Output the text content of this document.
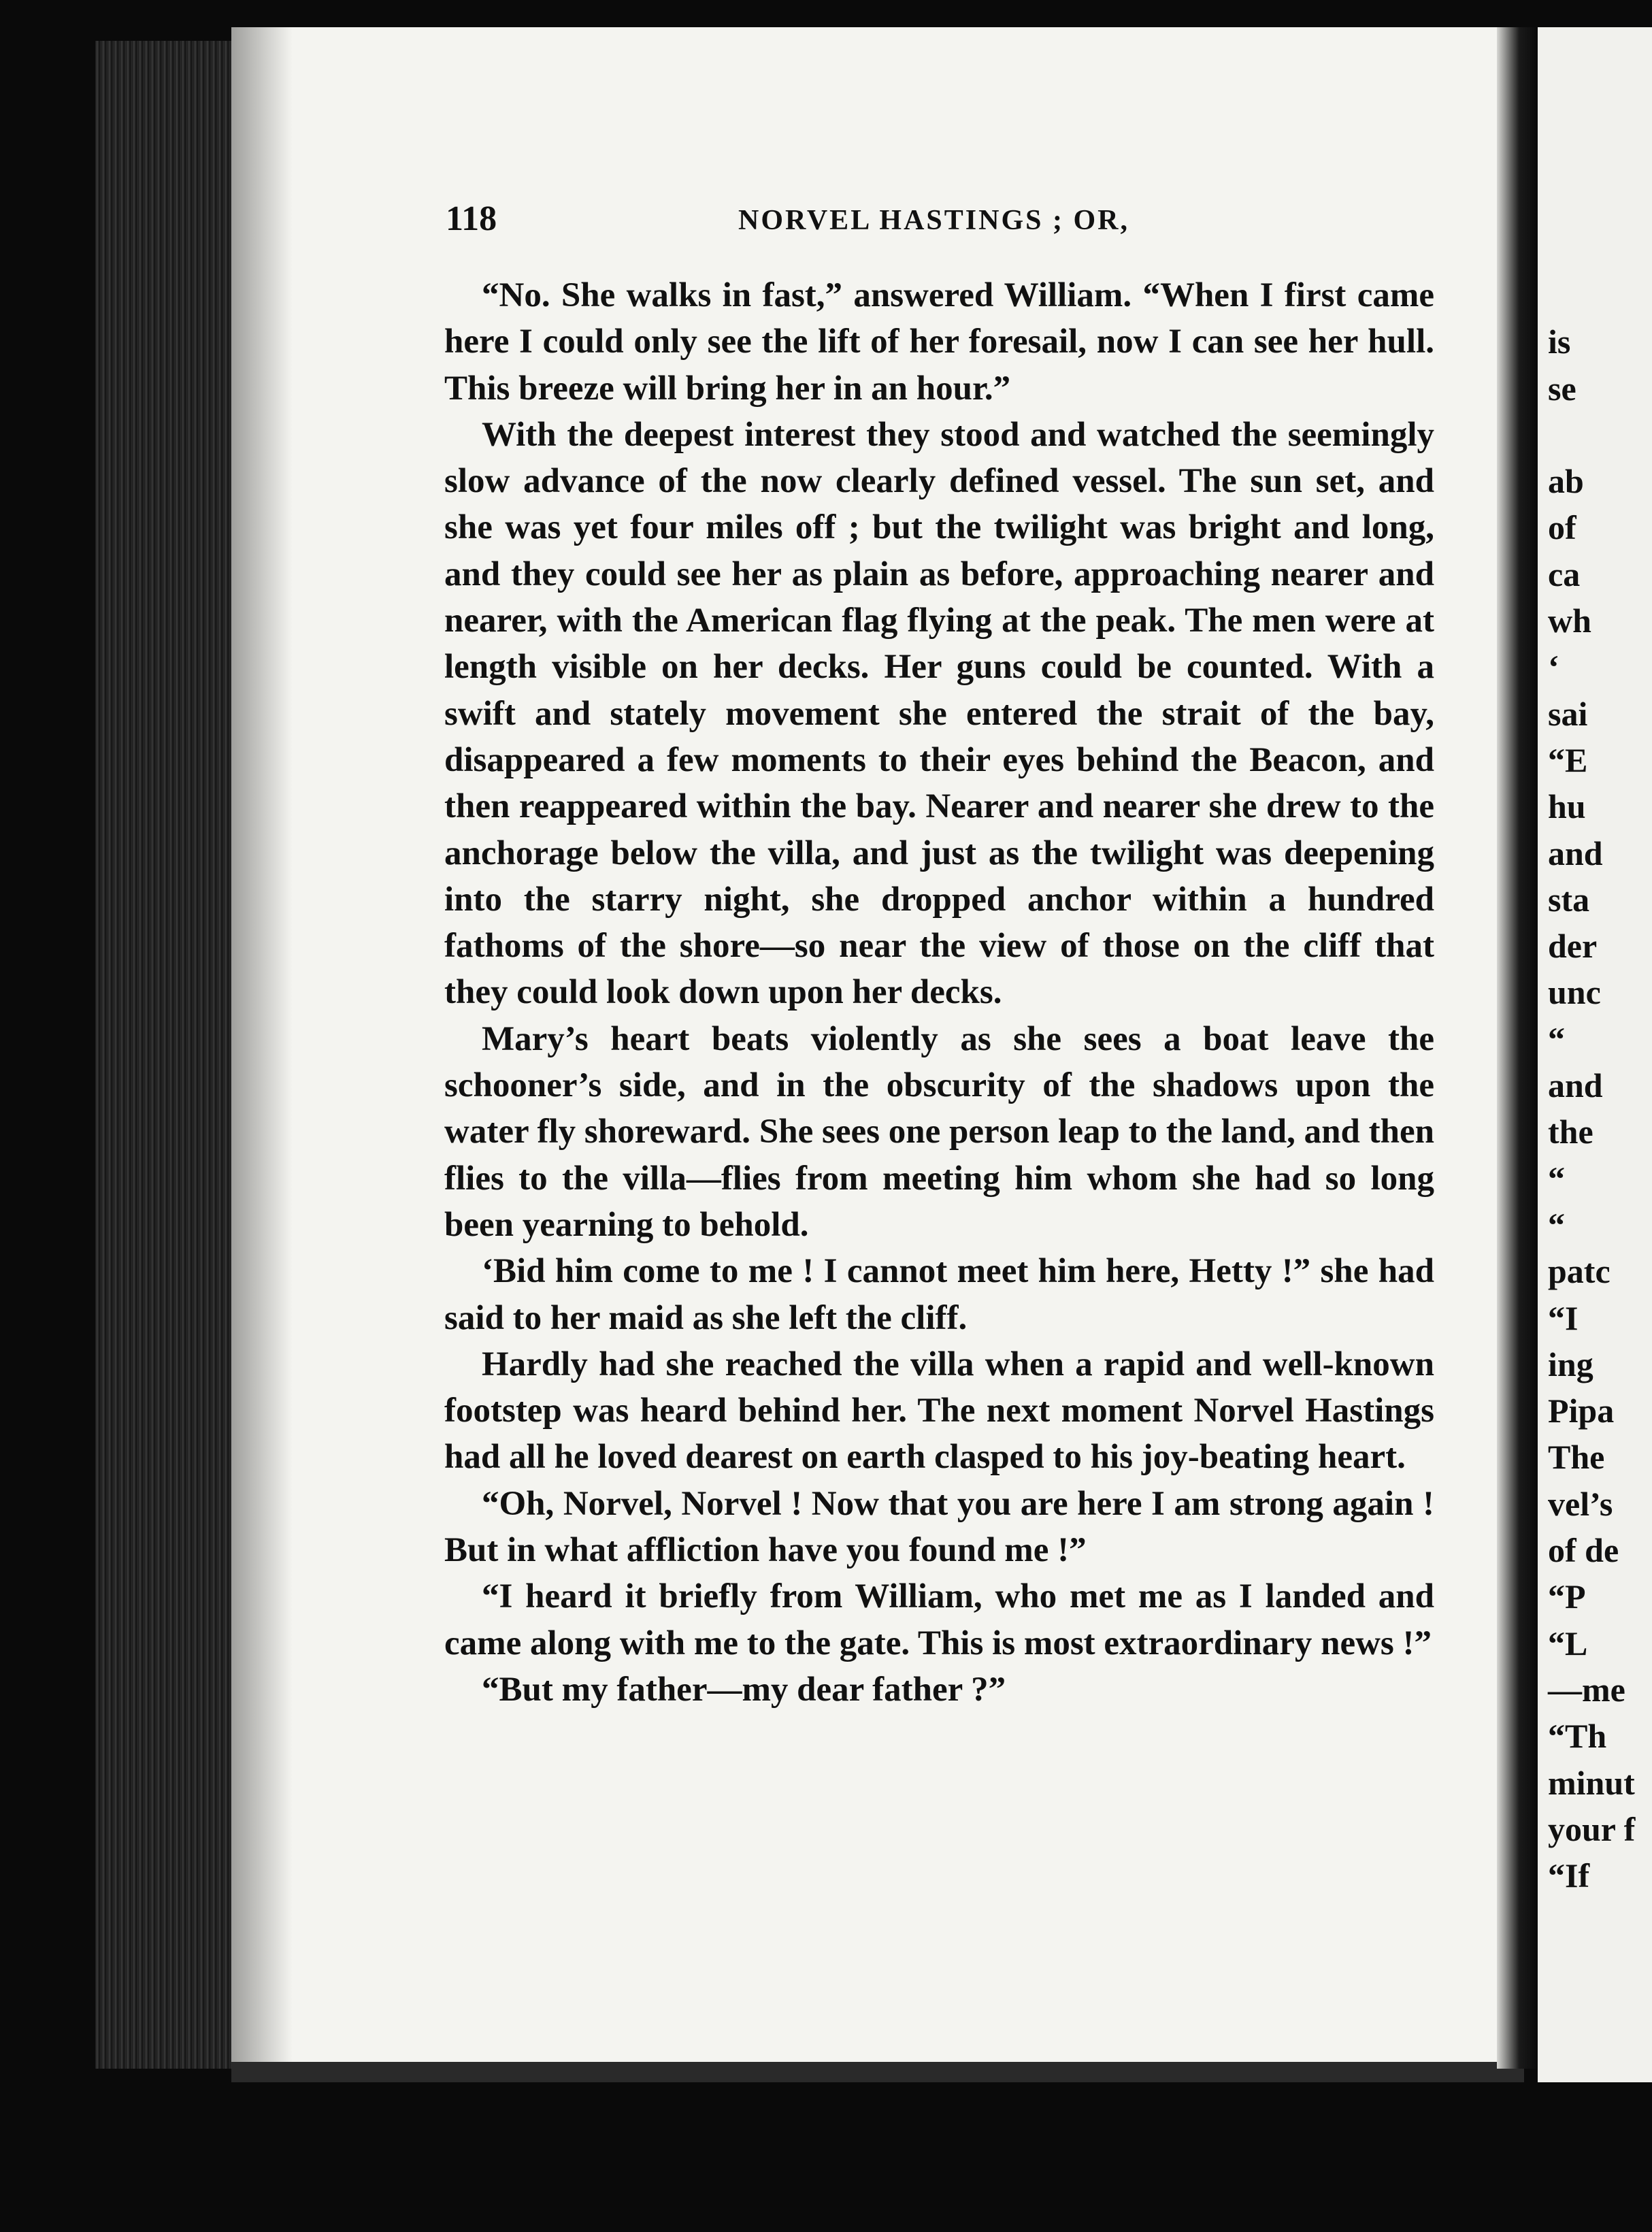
118	NORVEL HASTINGS ; OR,

“No. She walks in fast,” answered William. “When I first came here I could only see the lift of her foresail, now I can see her hull. This breeze will bring her in an hour.”

With the deepest interest they stood and watched the seemingly slow advance of the now clearly defined vessel. The sun set, and she was yet four miles off ; but the twilight was bright and long, and they could see her as plain as before, approaching nearer and nearer, with the American flag flying at the peak. The men were at length visible on her decks. Her guns could be counted. With a swift and stately movement she entered the strait of the bay, disappeared a few moments to their eyes behind the Beacon, and then reappeared within the bay. Nearer and nearer she drew to the anchorage below the villa, and just as the twilight was deepening into the starry night, she dropped anchor within a hundred fathoms of the shore—so near the view of those on the cliff that they could look down upon her decks.

Mary’s heart beats violently as she sees a boat leave the schooner’s side, and in the obscurity of the shadows upon the water fly shoreward. She sees one person leap to the land, and then flies to the villa—flies from meeting him whom she had so long been yearning to behold.

‘Bid him come to me ! I cannot meet him here, Hetty !” she had said to her maid as she left the cliff.

Hardly had she reached the villa when a rapid and well-known footstep was heard behind her. The next moment Norvel Hastings had all he loved dearest on earth clasped to his joy-beating heart.

“Oh, Norvel, Norvel ! Now that you are here I am strong again ! But in what affliction have you found me !”

“I heard it briefly from William, who met me as I landed and came along with me to the gate. This is most extraordinary news !”

“But my father—my dear father ?”

is
se
ab
of
ca
wh
‘
sai
“E
hu
and
sta
der
unc
“
and
the
“
“
patc
“I
ing
Pipa
The
vel’s
of de
“P
“L
—me
“Th
minut
your f
“If
